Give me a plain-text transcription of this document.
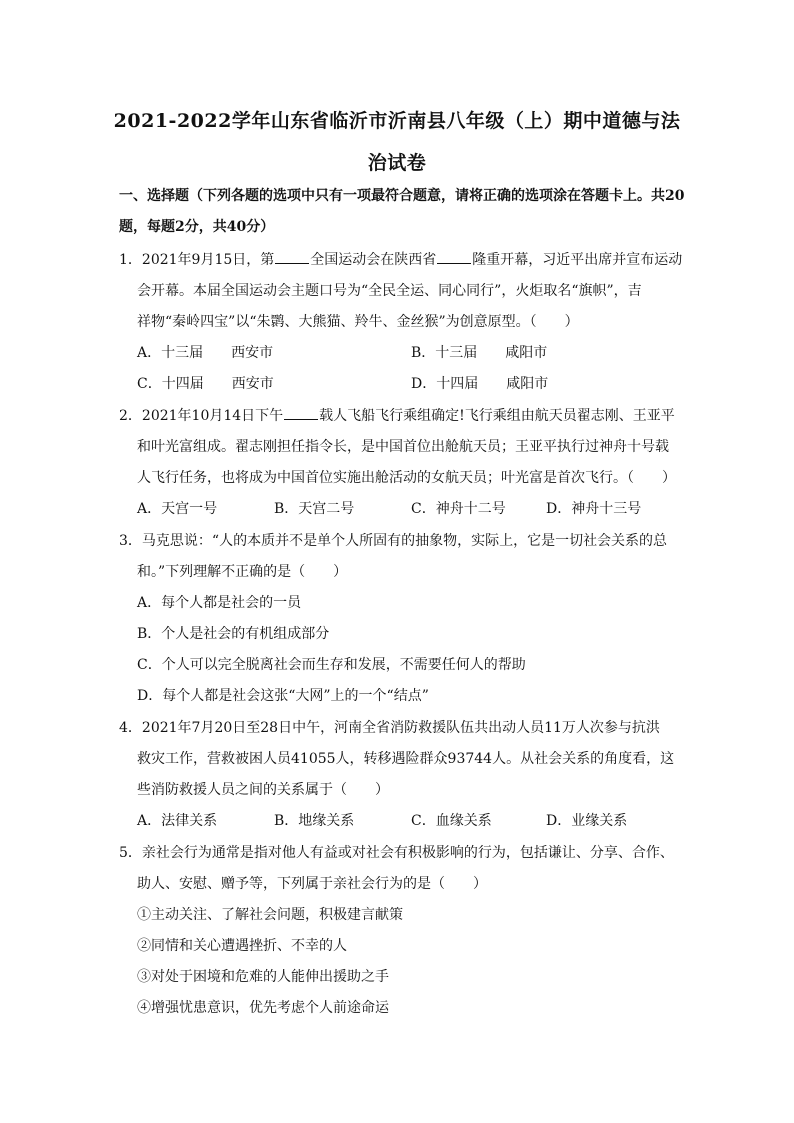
2021-2022学年山东省临沂市沂南县八年级（上）期中道德与法
治试卷
一、选择题（下列各题的选项中只有一项最符合题意，请将正确的选项涂在答题卡上。共20
题，每题2分，共40分）
1．2021年9月15日，第	全国运动会在陕西省	隆重开幕，习近平出席并宣布运动
会开幕。本届全国运动会主题口号为“全民全运、同心同行”，火炬取名“旗帜”，吉
祥物“秦岭四宝”以“朱鹮、大熊猫、羚牛、金丝猴”为创意原型。（　　）
A．十三届　　西安市	B．十三届　　咸阳市
C．十四届　　西安市	D．十四届　　咸阳市
2．2021年10月14日下午	载人飞船飞行乘组确定!飞行乘组由航天员翟志刚、王亚平
和叶光富组成。翟志刚担任指令长，是中国首位出舱航天员；王亚平执行过神舟十号载
人飞行任务，也将成为中国首位实施出舱活动的女航天员；叶光富是首次飞行。（　　）
A．天宫一号	B．天宫二号	C．神舟十二号	D．神舟十三号
3．马克思说：“人的本质并不是单个人所固有的抽象物，实际上，它是一切社会关系的总
和。”下列理解不正确的是（　　）
A．每个人都是社会的一员
B．个人是社会的有机组成部分
C．个人可以完全脱离社会而生存和发展，不需要任何人的帮助
D．每个人都是社会这张“大网”上的一个“结点”
4．2021年7月20日至28日中午，河南全省消防救援队伍共出动人员11万人次参与抗洪
救灾工作，营救被困人员41055人，转移遇险群众93744人。从社会关系的角度看，这
些消防救援人员之间的关系属于（　　）
A．法律关系	B．地缘关系	C．血缘关系	D．业缘关系
5．亲社会行为通常是指对他人有益或对社会有积极影响的行为，包括谦让、分享、合作、
助人、安慰、赠予等，下列属于亲社会行为的是（　　）
①主动关注、了解社会问题，积极建言献策
②同情和关心遭遇挫折、不幸的人
③对处于困境和危难的人能伸出援助之手
④增强忧患意识，优先考虑个人前途命运
